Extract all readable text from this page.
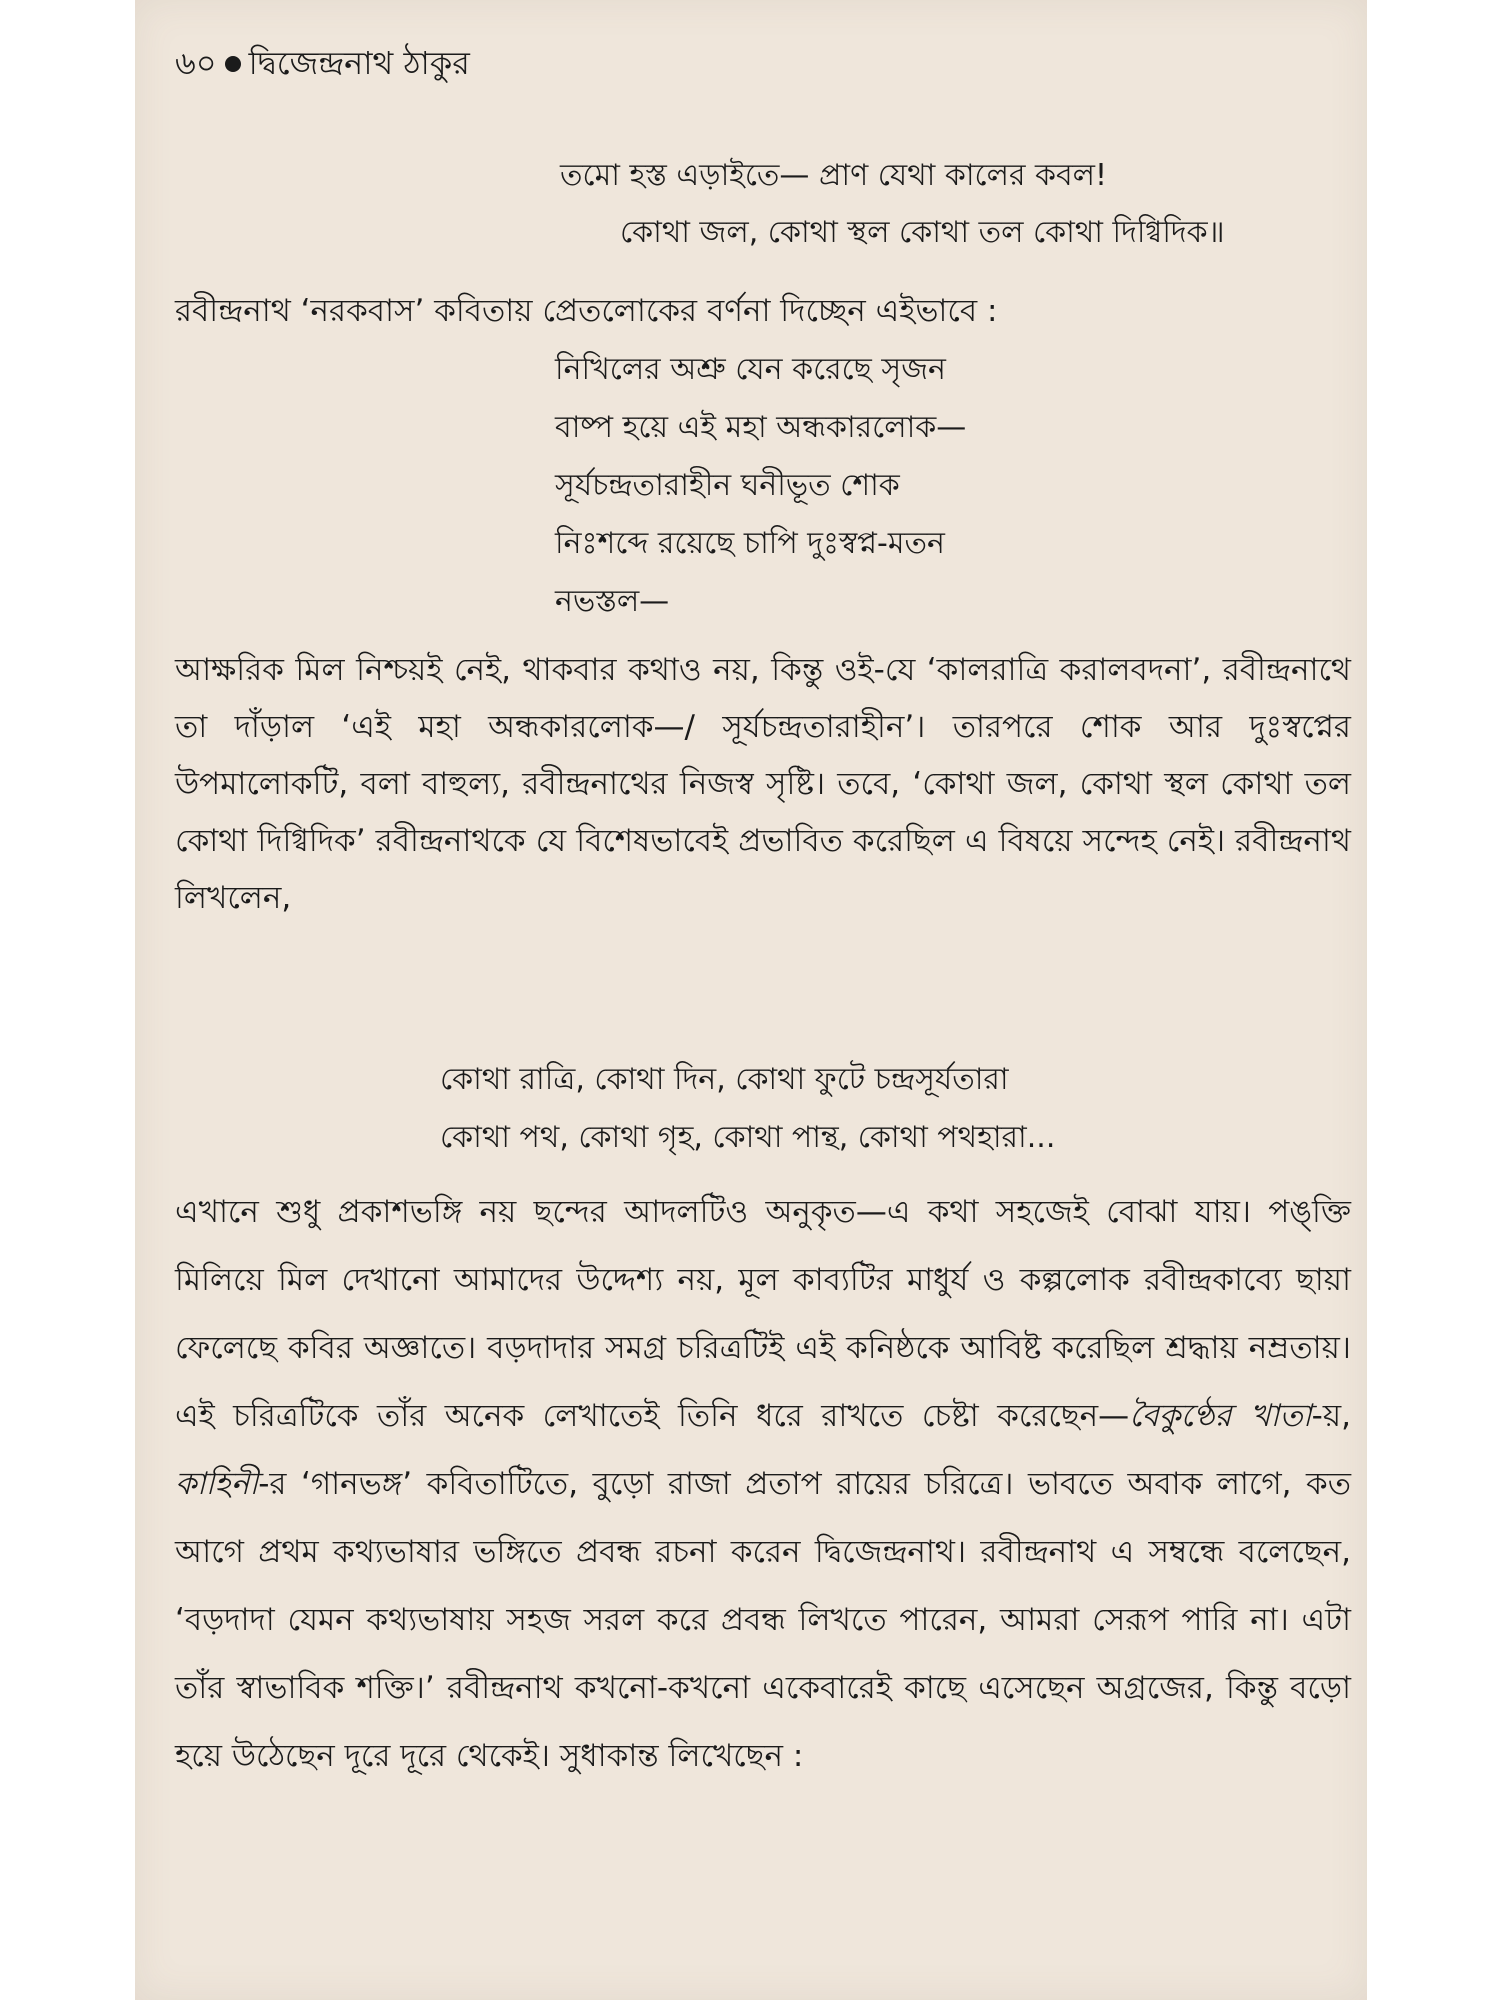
৬০ দ্বিজেন্দ্রনাথ ঠাকুর
তমো হস্ত এড়াইতে— প্রাণ যেথা কালের কবল!
কোথা জল, কোথা স্থল কোথা তল কোথা দিগ্বিদিক॥

রবীন্দ্রনাথ ‘নরকবাস’ কবিতায় প্রেতলোকের বর্ণনা দিচ্ছেন এইভাবে :

নিখিলের অশ্রু যেন করেছে সৃজন
বাষ্প হয়ে এই মহা অন্ধকারলোক—
সূর্যচন্দ্রতারাহীন ঘনীভূত শোক
নিঃশব্দে রয়েছে চাপি দুঃস্বপ্ন-মতন
নভস্তল—

আক্ষরিক মিল নিশ্চয়ই নেই, থাকবার কথাও নয়, কিন্তু ওই-যে ‘কালরাত্রি করালবদনা’, রবীন্দ্রনাথে তা দাঁড়াল ‘এই মহা অন্ধকারলোক—/ সূর্যচন্দ্রতারাহীন’। তারপরে শোক আর দুঃস্বপ্নের উপমালোকটি, বলা বাহুল্য, রবীন্দ্রনাথের নিজস্ব সৃষ্টি। তবে, ‘কোথা জল, কোথা স্থল কোথা তল কোথা দিগ্বিদিক’ রবীন্দ্রনাথকে যে বিশেষভাবেই প্রভাবিত করেছিল এ বিষয়ে সন্দেহ নেই। রবীন্দ্রনাথ লিখলেন,

কোথা রাত্রি, কোথা দিন, কোথা ফুটে চন্দ্রসূর্যতারা
কোথা পথ, কোথা গৃহ, কোথা পান্থ, কোথা পথহারা...

এখানে শুধু প্রকাশভঙ্গি নয় ছন্দের আদলটিও অনুকৃত—এ কথা সহজেই বোঝা যায়। পঙ্‌ক্তি মিলিয়ে মিল দেখানো আমাদের উদ্দেশ্য নয়, মূল কাব্যটির মাধুর্য ও কল্পলোক রবীন্দ্রকাব্যে ছায়া ফেলেছে কবির অজ্ঞাতে। বড়দাদার সমগ্র চরিত্রটিই এই কনিষ্ঠকে আবিষ্ট করেছিল শ্রদ্ধায় নম্রতায়। এই চরিত্রটিকে তাঁর অনেক লেখাতেই তিনি ধরে রাখতে চেষ্টা করেছেন—বৈকুণ্ঠের খাতা-য়, কাহিনী-র ‘গানভঙ্গ’ কবিতাটিতে, বুড়ো রাজা প্রতাপ রায়ের চরিত্রে। ভাবতে অবাক লাগে, কত আগে প্রথম কথ্যভাষার ভঙ্গিতে প্রবন্ধ রচনা করেন দ্বিজেন্দ্রনাথ। রবীন্দ্রনাথ এ সম্বন্ধে বলেছেন, ‘বড়দাদা যেমন কথ্যভাষায় সহজ সরল করে প্রবন্ধ লিখতে পারেন, আমরা সেরূপ পারি না। এটা তাঁর স্বাভাবিক শক্তি।’ রবীন্দ্রনাথ কখনো-কখনো একেবারেই কাছে এসেছেন অগ্রজের, কিন্তু বড়ো হয়ে উঠেছেন দূরে দূরে থেকেই। সুধাকান্ত লিখেছেন :
